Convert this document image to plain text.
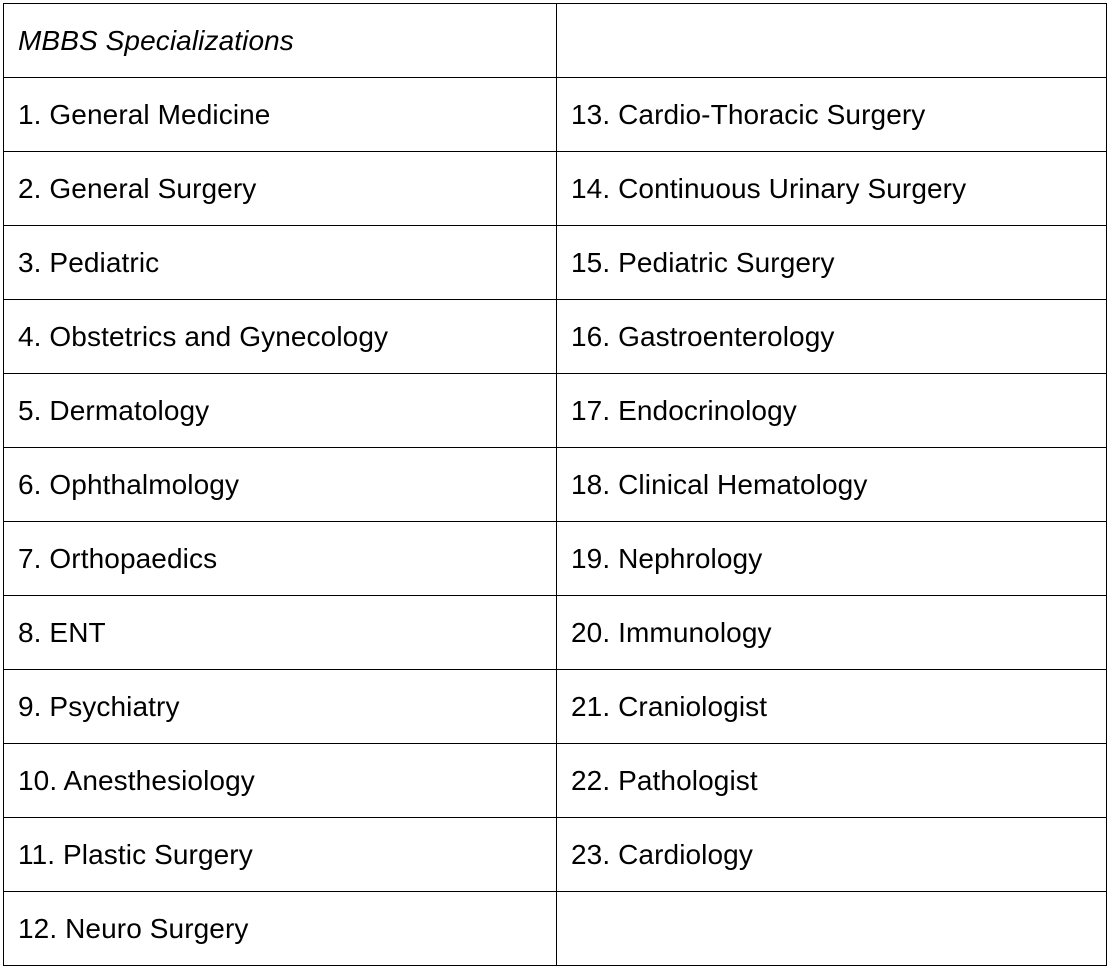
MBBS Specializations	
1. General Medicine	13. Cardio-Thoracic Surgery
2. General Surgery	14. Continuous Urinary Surgery
3. Pediatric	15. Pediatric Surgery
4. Obstetrics and Gynecology	16. Gastroenterology
5. Dermatology	17. Endocrinology
6. Ophthalmology	18. Clinical Hematology
7. Orthopaedics	19. Nephrology
8. ENT	20. Immunology
9. Psychiatry	21. Craniologist
10. Anesthesiology	22. Pathologist
11. Plastic Surgery	23. Cardiology
12. Neuro Surgery	
